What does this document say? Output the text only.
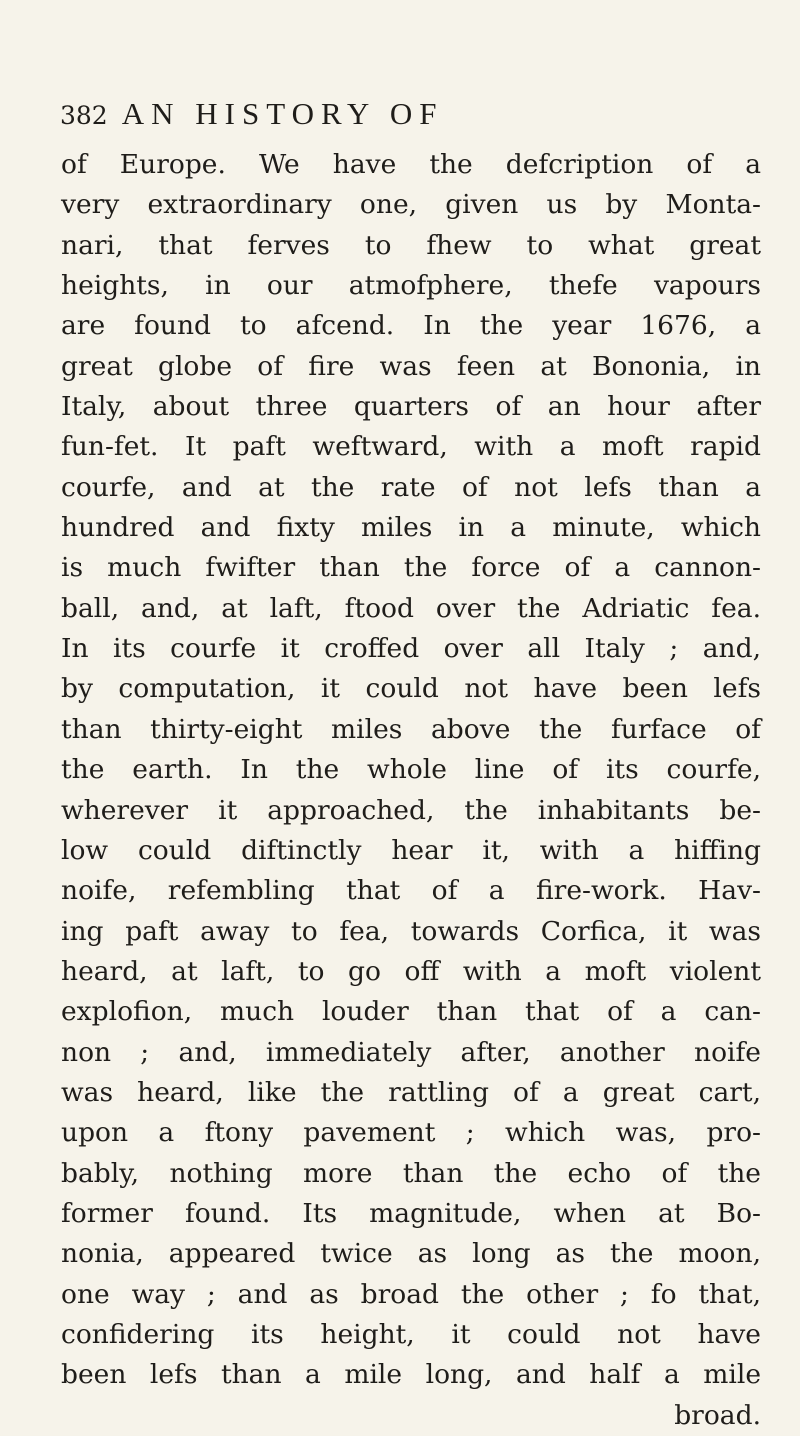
382 AN HISTORY OF
of Europe. We have the defcription of a
very extraordinary one, given us by Monta-
nari, that ferves to fhew to what great
heights, in our atmofphere, thefe vapours
are found to afcend. In the year 1676, a
great globe of fire was feen at Bononia, in
Italy, about three quarters of an hour after
fun-fet. It paft weftward, with a moft rapid
courfe, and at the rate of not lefs than a
hundred and fixty miles in a minute, which
is much fwifter than the force of a cannon-
ball, and, at laft, ftood over the Adriatic fea.
In its courfe it croffed over all Italy ; and,
by computation, it could not have been lefs
than thirty-eight miles above the furface of
the earth. In the whole line of its courfe,
wherever it approached, the inhabitants be-
low could diftinctly hear it, with a hiffing
noife, refembling that of a fire-work. Hav-
ing paft away to fea, towards Corfica, it was
heard, at laft, to go off with a moft violent
explofion, much louder than that of a can-
non ; and, immediately after, another noife
was heard, like the rattling of a great cart,
upon a ftony pavement ; which was, pro-
bably, nothing more than the echo of the
former found. Its magnitude, when at Bo-
nonia, appeared twice as long as the moon,
one way ; and as broad the other ; fo that,
confidering its height, it could not have
been lefs than a mile long, and half a mile
broad.
